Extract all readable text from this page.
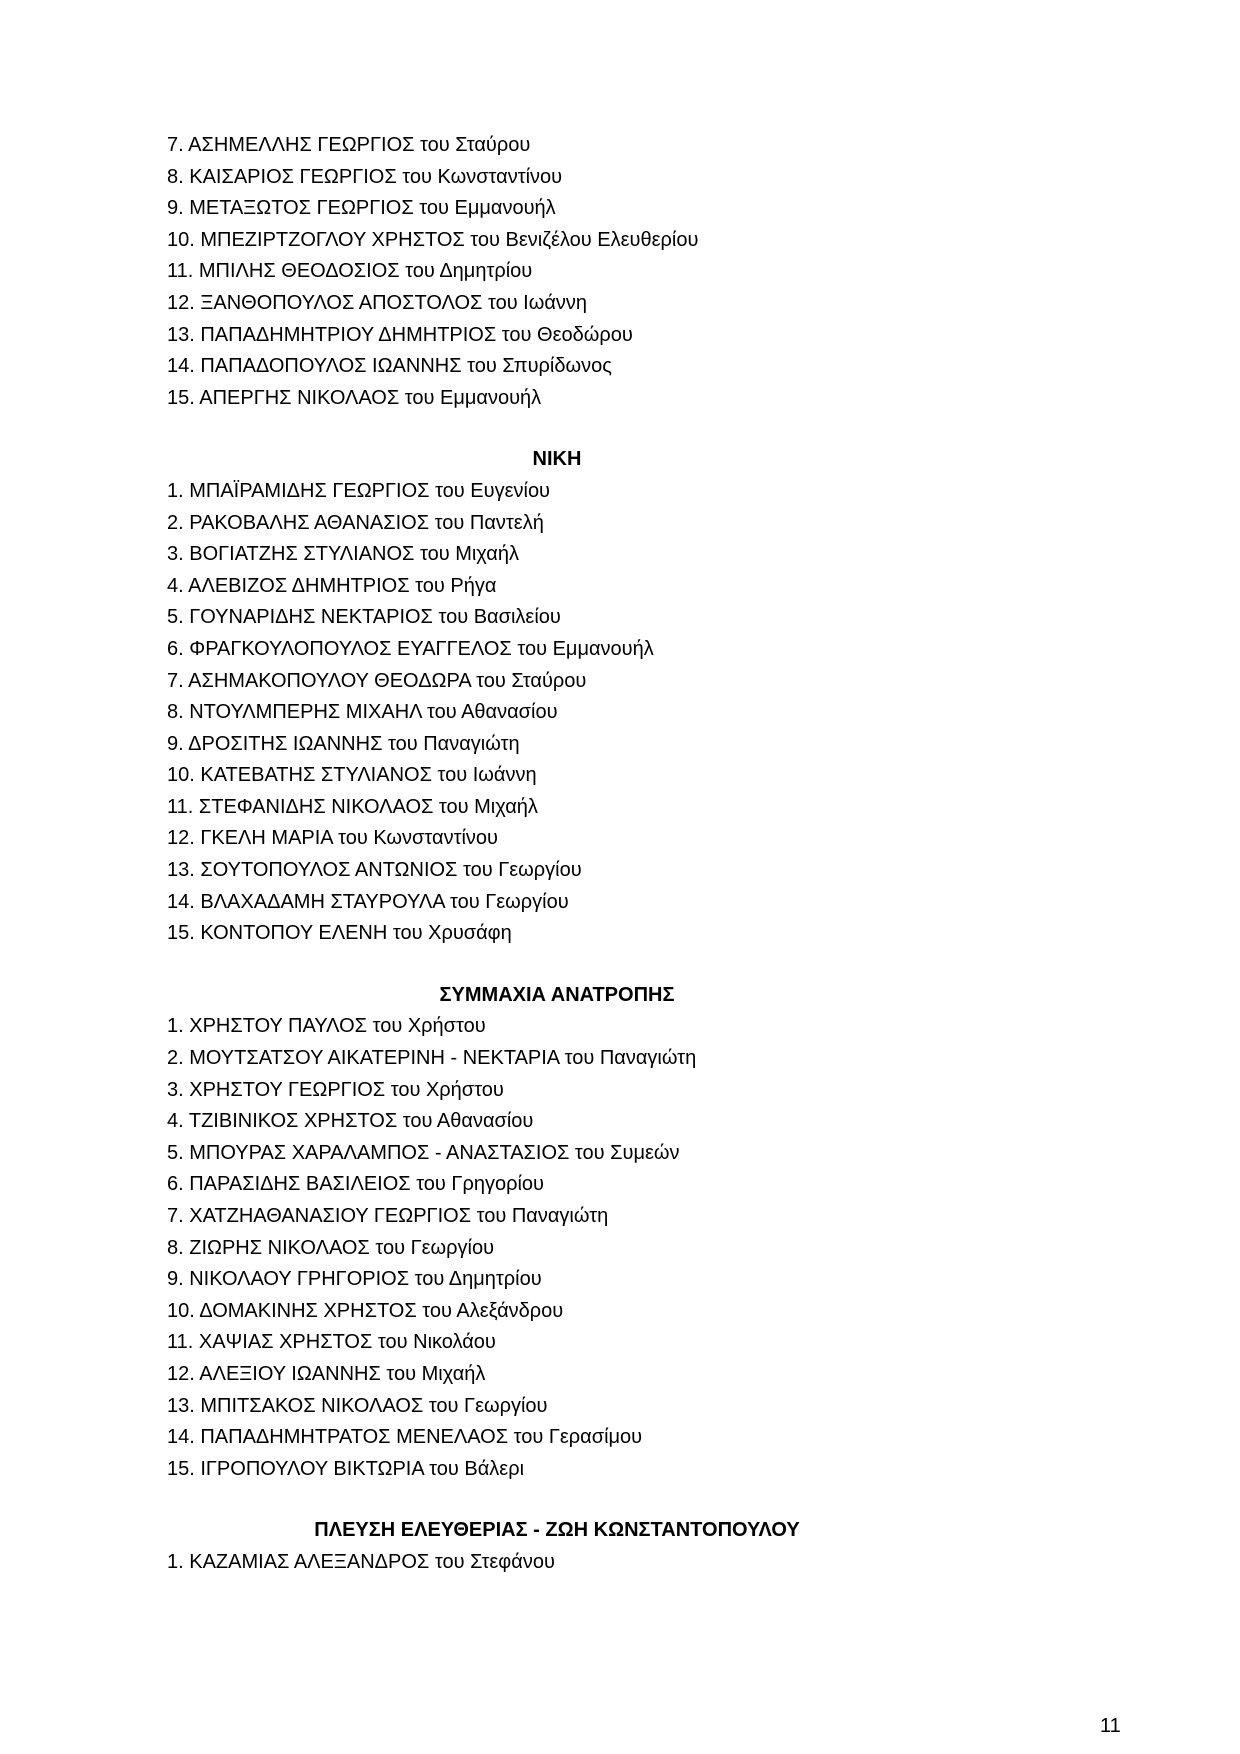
7. ΑΣΗΜΕΛΛΗΣ ΓΕΩΡΓΙΟΣ του Σταύρου
8. ΚΑΙΣΑΡΙΟΣ ΓΕΩΡΓΙΟΣ του Κωνσταντίνου
9. ΜΕΤΑΞΩΤΟΣ ΓΕΩΡΓΙΟΣ του Εμμανουήλ
10. ΜΠΕΖΙΡΤΖΟΓΛΟΥ ΧΡΗΣΤΟΣ του Βενιζέλου Ελευθερίου
11. ΜΠΙΛΗΣ ΘΕΟΔΟΣΙΟΣ του Δημητρίου
12. ΞΑΝΘΟΠΟΥΛΟΣ ΑΠΟΣΤΟΛΟΣ του Ιωάννη
13. ΠΑΠΑΔΗΜΗΤΡΙΟΥ ΔΗΜΗΤΡΙΟΣ του Θεοδώρου
14. ΠΑΠΑΔΟΠΟΥΛΟΣ ΙΩΑΝΝΗΣ του Σπυρίδωνος
15. ΑΠΕΡΓΗΣ ΝΙΚΟΛΑΟΣ του Εμμανουήλ
ΝΙΚΗ
1. ΜΠΑΪΡΑΜΙΔΗΣ ΓΕΩΡΓΙΟΣ του Ευγενίου
2. ΡΑΚΟΒΑΛΗΣ ΑΘΑΝΑΣΙΟΣ του Παντελή
3. ΒΟΓΙΑΤΖΗΣ ΣΤΥΛΙΑΝΟΣ του Μιχαήλ
4. ΑΛΕΒΙΖΟΣ ΔΗΜΗΤΡΙΟΣ του Ρήγα
5. ΓΟΥΝΑΡΙΔΗΣ ΝΕΚΤΑΡΙΟΣ του Βασιλείου
6. ΦΡΑΓΚΟΥΛΟΠΟΥΛΟΣ ΕΥΑΓΓΕΛΟΣ του Εμμανουήλ
7. ΑΣΗΜΑΚΟΠΟΥΛΟΥ ΘΕΟΔΩΡΑ του Σταύρου
8. ΝΤΟΥΛΜΠΕΡΗΣ ΜΙΧΑΗΛ του Αθανασίου
9. ΔΡΟΣΙΤΗΣ ΙΩΑΝΝΗΣ του Παναγιώτη
10. ΚΑΤΕΒΑΤΗΣ ΣΤΥΛΙΑΝΟΣ του Ιωάννη
11. ΣΤΕΦΑΝΙΔΗΣ ΝΙΚΟΛΑΟΣ του Μιχαήλ
12. ΓΚΕΛΗ ΜΑΡΙΑ του Κωνσταντίνου
13. ΣΟΥΤΟΠΟΥΛΟΣ ΑΝΤΩΝΙΟΣ του Γεωργίου
14. ΒΛΑΧΑΔΑΜΗ ΣΤΑΥΡΟΥΛΑ του Γεωργίου
15. ΚΟΝΤΟΠΟΥ ΕΛΕΝΗ του Χρυσάφη
ΣΥΜΜΑΧΙΑ ΑΝΑΤΡΟΠΗΣ
1. ΧΡΗΣΤΟΥ ΠΑΥΛΟΣ του Χρήστου
2. ΜΟΥΤΣΑΤΣΟΥ ΑΙΚΑΤΕΡΙΝΗ - ΝΕΚΤΑΡΙΑ του Παναγιώτη
3. ΧΡΗΣΤΟΥ ΓΕΩΡΓΙΟΣ του Χρήστου
4. ΤΖΙΒΙΝΙΚΟΣ ΧΡΗΣΤΟΣ του Αθανασίου
5. ΜΠΟΥΡΑΣ ΧΑΡΑΛΑΜΠΟΣ - ΑΝΑΣΤΑΣΙΟΣ του Συμεών
6. ΠΑΡΑΣΙΔΗΣ ΒΑΣΙΛΕΙΟΣ του Γρηγορίου
7. ΧΑΤΖΗΑΘΑΝΑΣΙΟΥ ΓΕΩΡΓΙΟΣ του Παναγιώτη
8. ΖΙΩΡΗΣ ΝΙΚΟΛΑΟΣ του Γεωργίου
9. ΝΙΚΟΛΑΟΥ ΓΡΗΓΟΡΙΟΣ του Δημητρίου
10. ΔΟΜΑΚΙΝΗΣ ΧΡΗΣΤΟΣ του Αλεξάνδρου
11. ΧΑΨΙΑΣ ΧΡΗΣΤΟΣ του Νικολάου
12. ΑΛΕΞΙΟΥ ΙΩΑΝΝΗΣ του Μιχαήλ
13. ΜΠΙΤΣΑΚΟΣ ΝΙΚΟΛΑΟΣ του Γεωργίου
14. ΠΑΠΑΔΗΜΗΤΡΑΤΟΣ ΜΕΝΕΛΑΟΣ του Γερασίμου
15. ΙΓΡΟΠΟΥΛΟΥ ΒΙΚΤΩΡΙΑ του Βάλερι
ΠΛΕΥΣΗ ΕΛΕΥΘΕΡΙΑΣ - ΖΩΗ ΚΩΝΣΤΑΝΤΟΠΟΥΛΟΥ
1. ΚΑΖΑΜΙΑΣ ΑΛΕΞΑΝΔΡΟΣ του Στεφάνου
11
